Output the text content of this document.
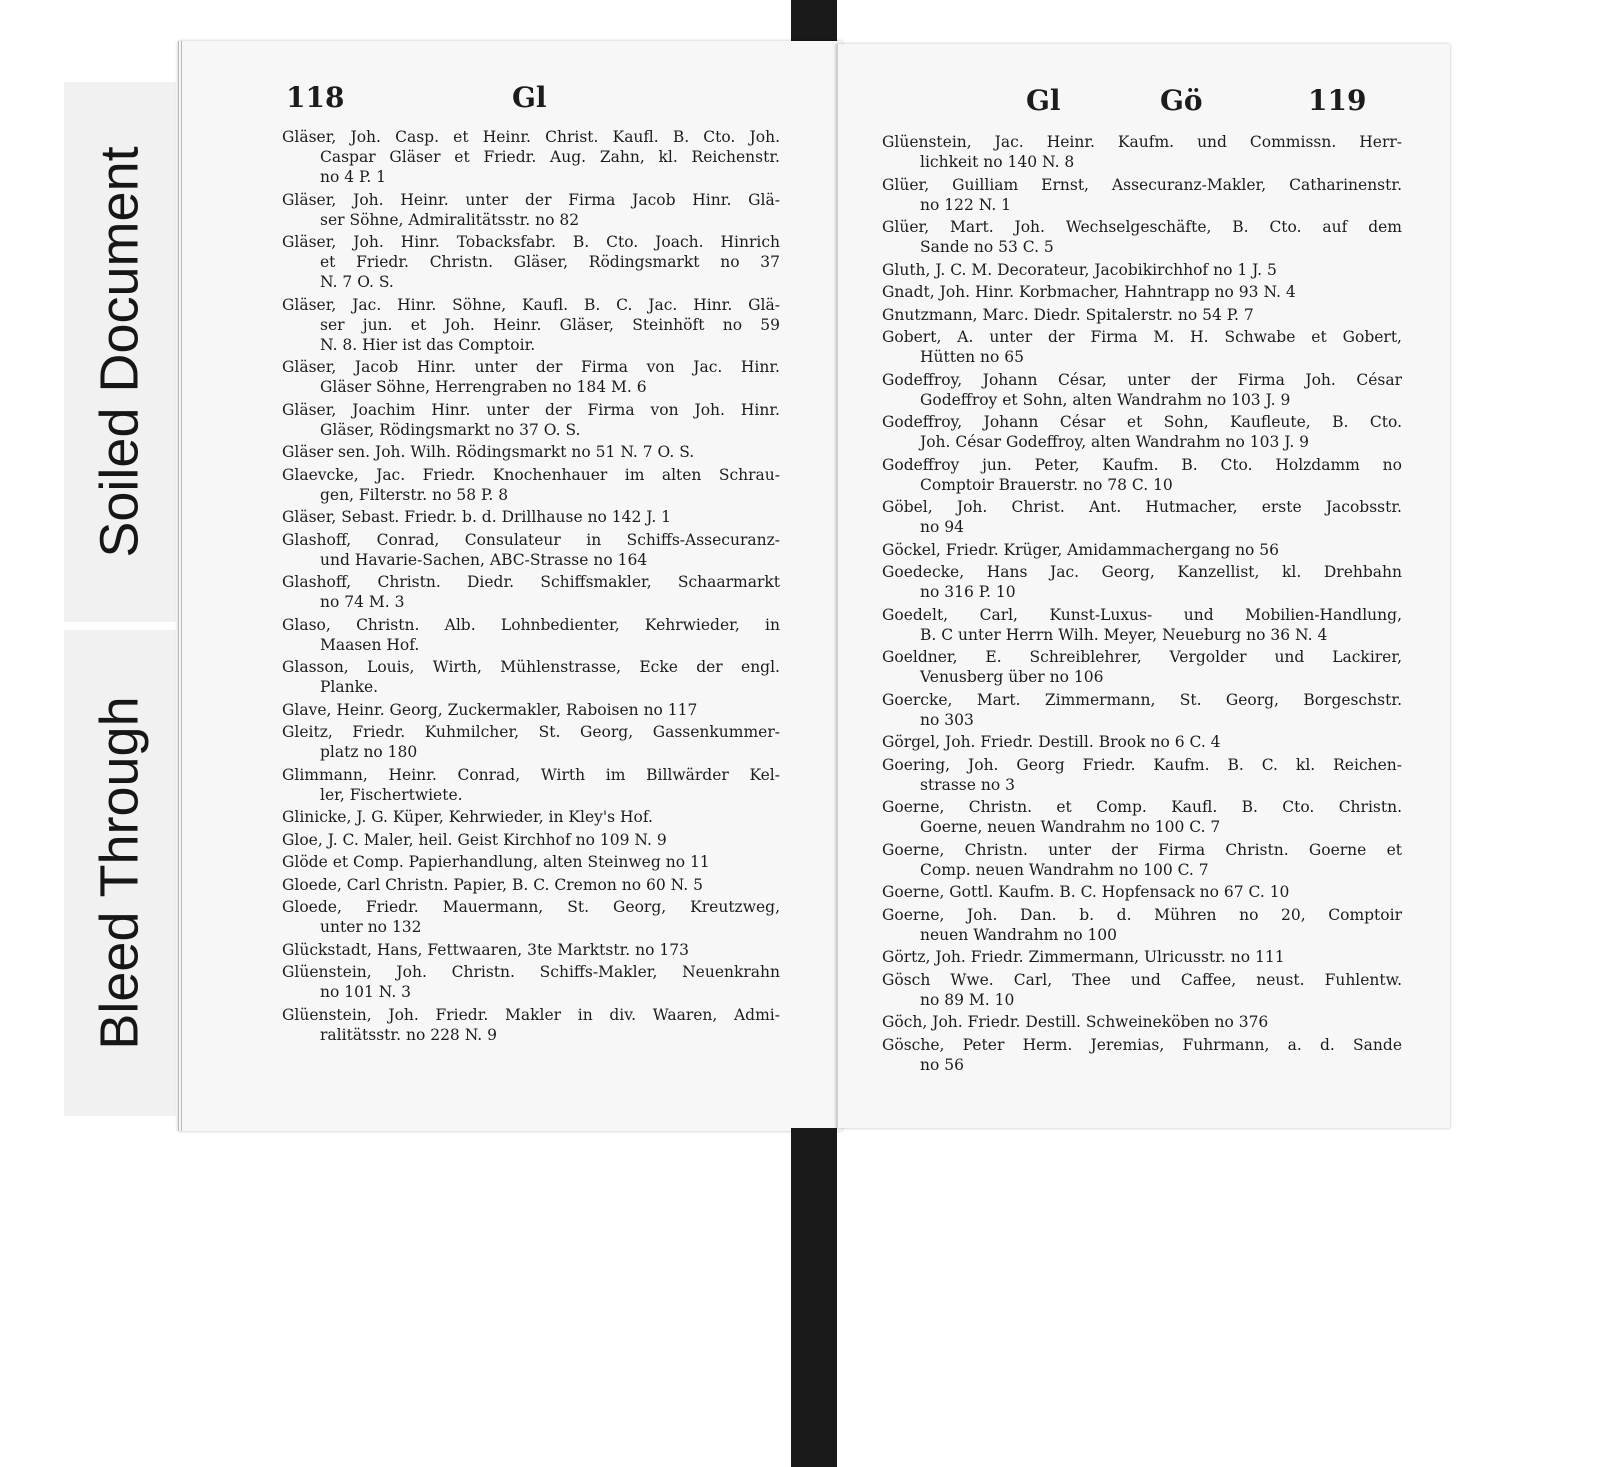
Soiled Document
Bleed Through
118	Gl

Gläser, Joh. Casp. et Heinr. Christ. Kaufl. B. Cto. Joh.

Caspar Gläser et Friedr. Aug. Zahn, kl. Reichenstr.

no 4 P. 1

Gläser, Joh. Heinr. unter der Firma Jacob Hinr. Glä-

ser Söhne, Admiralitätsstr. no 82

Gläser, Joh. Hinr. Tobacksfabr. B. Cto. Joach. Hinrich

et Friedr. Christn. Gläser, Rödingsmarkt no 37

N. 7 O. S.

Gläser, Jac. Hinr. Söhne, Kaufl. B. C. Jac. Hinr. Glä-

ser jun. et Joh. Heinr. Gläser, Steinhöft no 59

N. 8. Hier ist das Comptoir.

Gläser, Jacob Hinr. unter der Firma von Jac. Hinr.

Gläser Söhne, Herrengraben no 184 M. 6

Gläser, Joachim Hinr. unter der Firma von Joh. Hinr.

Gläser, Rödingsmarkt no 37 O. S.

Gläser sen. Joh. Wilh. Rödingsmarkt no 51 N. 7 O. S.

Glaevcke, Jac. Friedr. Knochenhauer im alten Schrau-

gen, Filterstr. no 58 P. 8

Gläser, Sebast. Friedr. b. d. Drillhause no 142 J. 1

Glashoff, Conrad, Consulateur in Schiffs-Assecuranz-

und Havarie-Sachen, ABC-Strasse no 164

Glashoff, Christn. Diedr. Schiffsmakler, Schaarmarkt

no 74 M. 3

Glaso, Christn. Alb. Lohnbedienter, Kehrwieder, in

Maasen Hof.

Glasson, Louis, Wirth, Mühlenstrasse, Ecke der engl.

Planke.

Glave, Heinr. Georg, Zuckermakler, Raboisen no 117

Gleitz, Friedr. Kuhmilcher, St. Georg, Gassenkummer-

platz no 180

Glimmann, Heinr. Conrad, Wirth im Billwärder Kel-

ler, Fischertwiete.

Glinicke, J. G. Küper, Kehrwieder, in Kley's Hof.

Gloe, J. C. Maler, heil. Geist Kirchhof no 109 N. 9

Glöde et Comp. Papierhandlung, alten Steinweg no 11

Gloede, Carl Christn. Papier, B. C. Cremon no 60 N. 5

Gloede, Friedr. Mauermann, St. Georg, Kreutzweg,

unter no 132

Glückstadt, Hans, Fettwaaren, 3te Marktstr. no 173

Glüenstein, Joh. Christn. Schiffs-Makler, Neuenkrahn

no 101 N. 3

Glüenstein, Joh. Friedr. Makler in div. Waaren, Admi-

ralitätsstr. no 228 N. 9

Gl	Gö	119

Glüenstein, Jac. Heinr. Kaufm. und Commissn. Herr-

lichkeit no 140 N. 8

Glüer, Guilliam Ernst, Assecuranz-Makler, Catharinenstr.

no 122 N. 1

Glüer, Mart. Joh. Wechselgeschäfte, B. Cto. auf dem

Sande no 53 C. 5

Gluth, J. C. M. Decorateur, Jacobikirchhof no 1 J. 5

Gnadt, Joh. Hinr. Korbmacher, Hahntrapp no 93 N. 4

Gnutzmann, Marc. Diedr. Spitalerstr. no 54 P. 7

Gobert, A. unter der Firma M. H. Schwabe et Gobert,

Hütten no 65

Godeffroy, Johann César, unter der Firma Joh. César

Godeffroy et Sohn, alten Wandrahm no 103 J. 9

Godeffroy, Johann César et Sohn, Kaufleute, B. Cto.

Joh. César Godeffroy, alten Wandrahm no 103 J. 9

Godeffroy jun. Peter, Kaufm. B. Cto. Holzdamm no

Comptoir Brauerstr. no 78 C. 10

Göbel, Joh. Christ. Ant. Hutmacher, erste Jacobsstr.

no 94

Göckel, Friedr. Krüger, Amidammachergang no 56

Goedecke, Hans Jac. Georg, Kanzellist, kl. Drehbahn

no 316 P. 10

Goedelt, Carl, Kunst-Luxus- und Mobilien-Handlung,

B. C unter Herrn Wilh. Meyer, Neueburg no 36 N. 4

Goeldner, E. Schreiblehrer, Vergolder und Lackirer,

Venusberg über no 106

Goercke, Mart. Zimmermann, St. Georg, Borgeschstr.

no 303

Görgel, Joh. Friedr. Destill. Brook no 6 C. 4

Goering, Joh. Georg Friedr. Kaufm. B. C. kl. Reichen-

strasse no 3

Goerne, Christn. et Comp. Kaufl. B. Cto. Christn.

Goerne, neuen Wandrahm no 100 C. 7

Goerne, Christn. unter der Firma Christn. Goerne et

Comp. neuen Wandrahm no 100 C. 7

Goerne, Gottl. Kaufm. B. C. Hopfensack no 67 C. 10

Goerne, Joh. Dan. b. d. Mühren no 20, Comptoir

neuen Wandrahm no 100

Görtz, Joh. Friedr. Zimmermann, Ulricusstr. no 111

Gösch Wwe. Carl, Thee und Caffee, neust. Fuhlentw.

no 89 M. 10

Göch, Joh. Friedr. Destill. Schweineköben no 376

Gösche, Peter Herm. Jeremias, Fuhrmann, a. d. Sande

no 56
